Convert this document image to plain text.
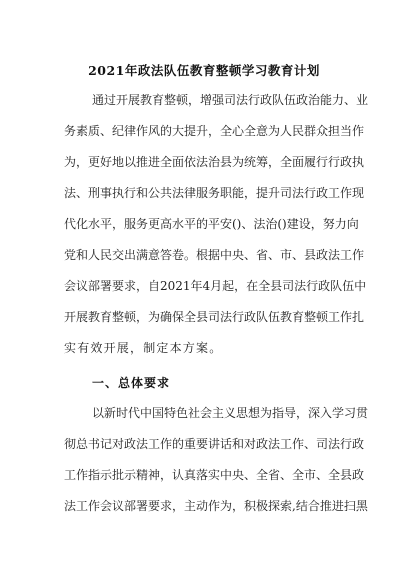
2021年政法队伍教育整顿学习教育计划
通过开展教育整顿，增强司法行政队伍政治能力、业
务素质、纪律作风的大提升，全心全意为人民群众担当作
为，更好地以推进全面依法治县为统筹，全面履行行政执
法、刑事执行和公共法律服务职能，提升司法行政工作现
代化水平，服务更高水平的平安()、法治()建设，努力向
党和人民交出满意答卷。根据中央、省、市、县政法工作
会议部署要求，自2021年4月起，在全县司法行政队伍中
开展教育整顿，为确保全县司法行政队伍教育整顿工作扎
实有效开展，制定本方案。
一、总体要求
以新时代中国特色社会主义思想为指导，深入学习贯
彻总书记对政法工作的重要讲话和对政法工作、司法行政
工作指示批示精神，认真落实中央、全省、全市、全县政
法工作会议部署要求，主动作为，积极探索,结合推进扫黑
